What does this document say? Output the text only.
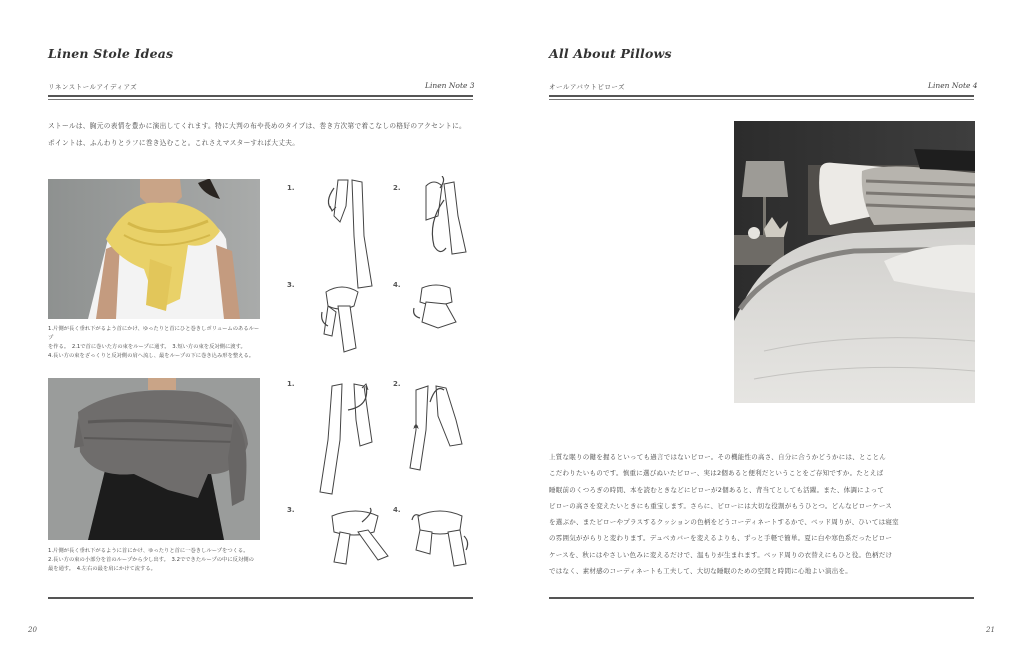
Linen Stole Ideas
リネンストールアイディアズ	Linen Note 3

ストールは、胸元の表情を豊かに演出してくれます。特に大判の布や長めのタイプは、巻き方次第で着こなしの格好のアクセントに。

ポイントは、ふんわりとラフに巻き込むこと。これさえマスターすれば大丈夫。

1.片側が長く垂れ下がるよう首にかけ、ゆったりと首にひと巻きしボリュームのあるループ

を作る。　2.1で首に巻いた方の束をループに通す。　3.短い方の束を反対側に渡す。

4.長い方の束をざっくりと反対側の肩へ流し、最をループの下に巻き込み形を整える。

1.	2.
3.	4.

1.片側が長く垂れ下がるように首にかけ、ゆったりと首に一巻きしループをつくる。

2.長い方の束の小部分を首のループから少し出す。　3.2でできたループの中に反対側の

最を通す。　4.左右の最を肩にかけて流する。

1.	2.
3.	4.
20
All About Pillows
オールアバウトピローズ	Linen Note 4

上質な眠りの鍵を握るといっても過言ではないピロー。その機能性の高さ、自分に合うかどうかには、とことん

こだわりたいものです。慎重に選びぬいたピロー、実は2個あると便利だということをご存知ですか。たとえば

睡眠前のくつろぎの時間、本を読むときなどにピローが2個あると、背当てとしても活躍。また、体調によって

ピローの高さを変えたいときにも重宝します。さらに、ピローには大切な役割がもうひとつ。どんなピローケース

を選ぶか、またピローやプラスするクッションの色柄をどうコーディネートするかで、ベッド周りが、ひいては寝室

の雰囲気ががらりと変わります。デュベカバーを変えるよりも、ずっと手軽で簡単。夏に白や寒色系だったピロー

ケースを、秋にはやさしい色みに変えるだけで、温もりが生まれます。ベッド周りの衣替えにもひと役。色柄だけ

ではなく、素材感のコーディネートも工夫して、大切な睡眠のための空間と時間に心地よい演出を。

21
